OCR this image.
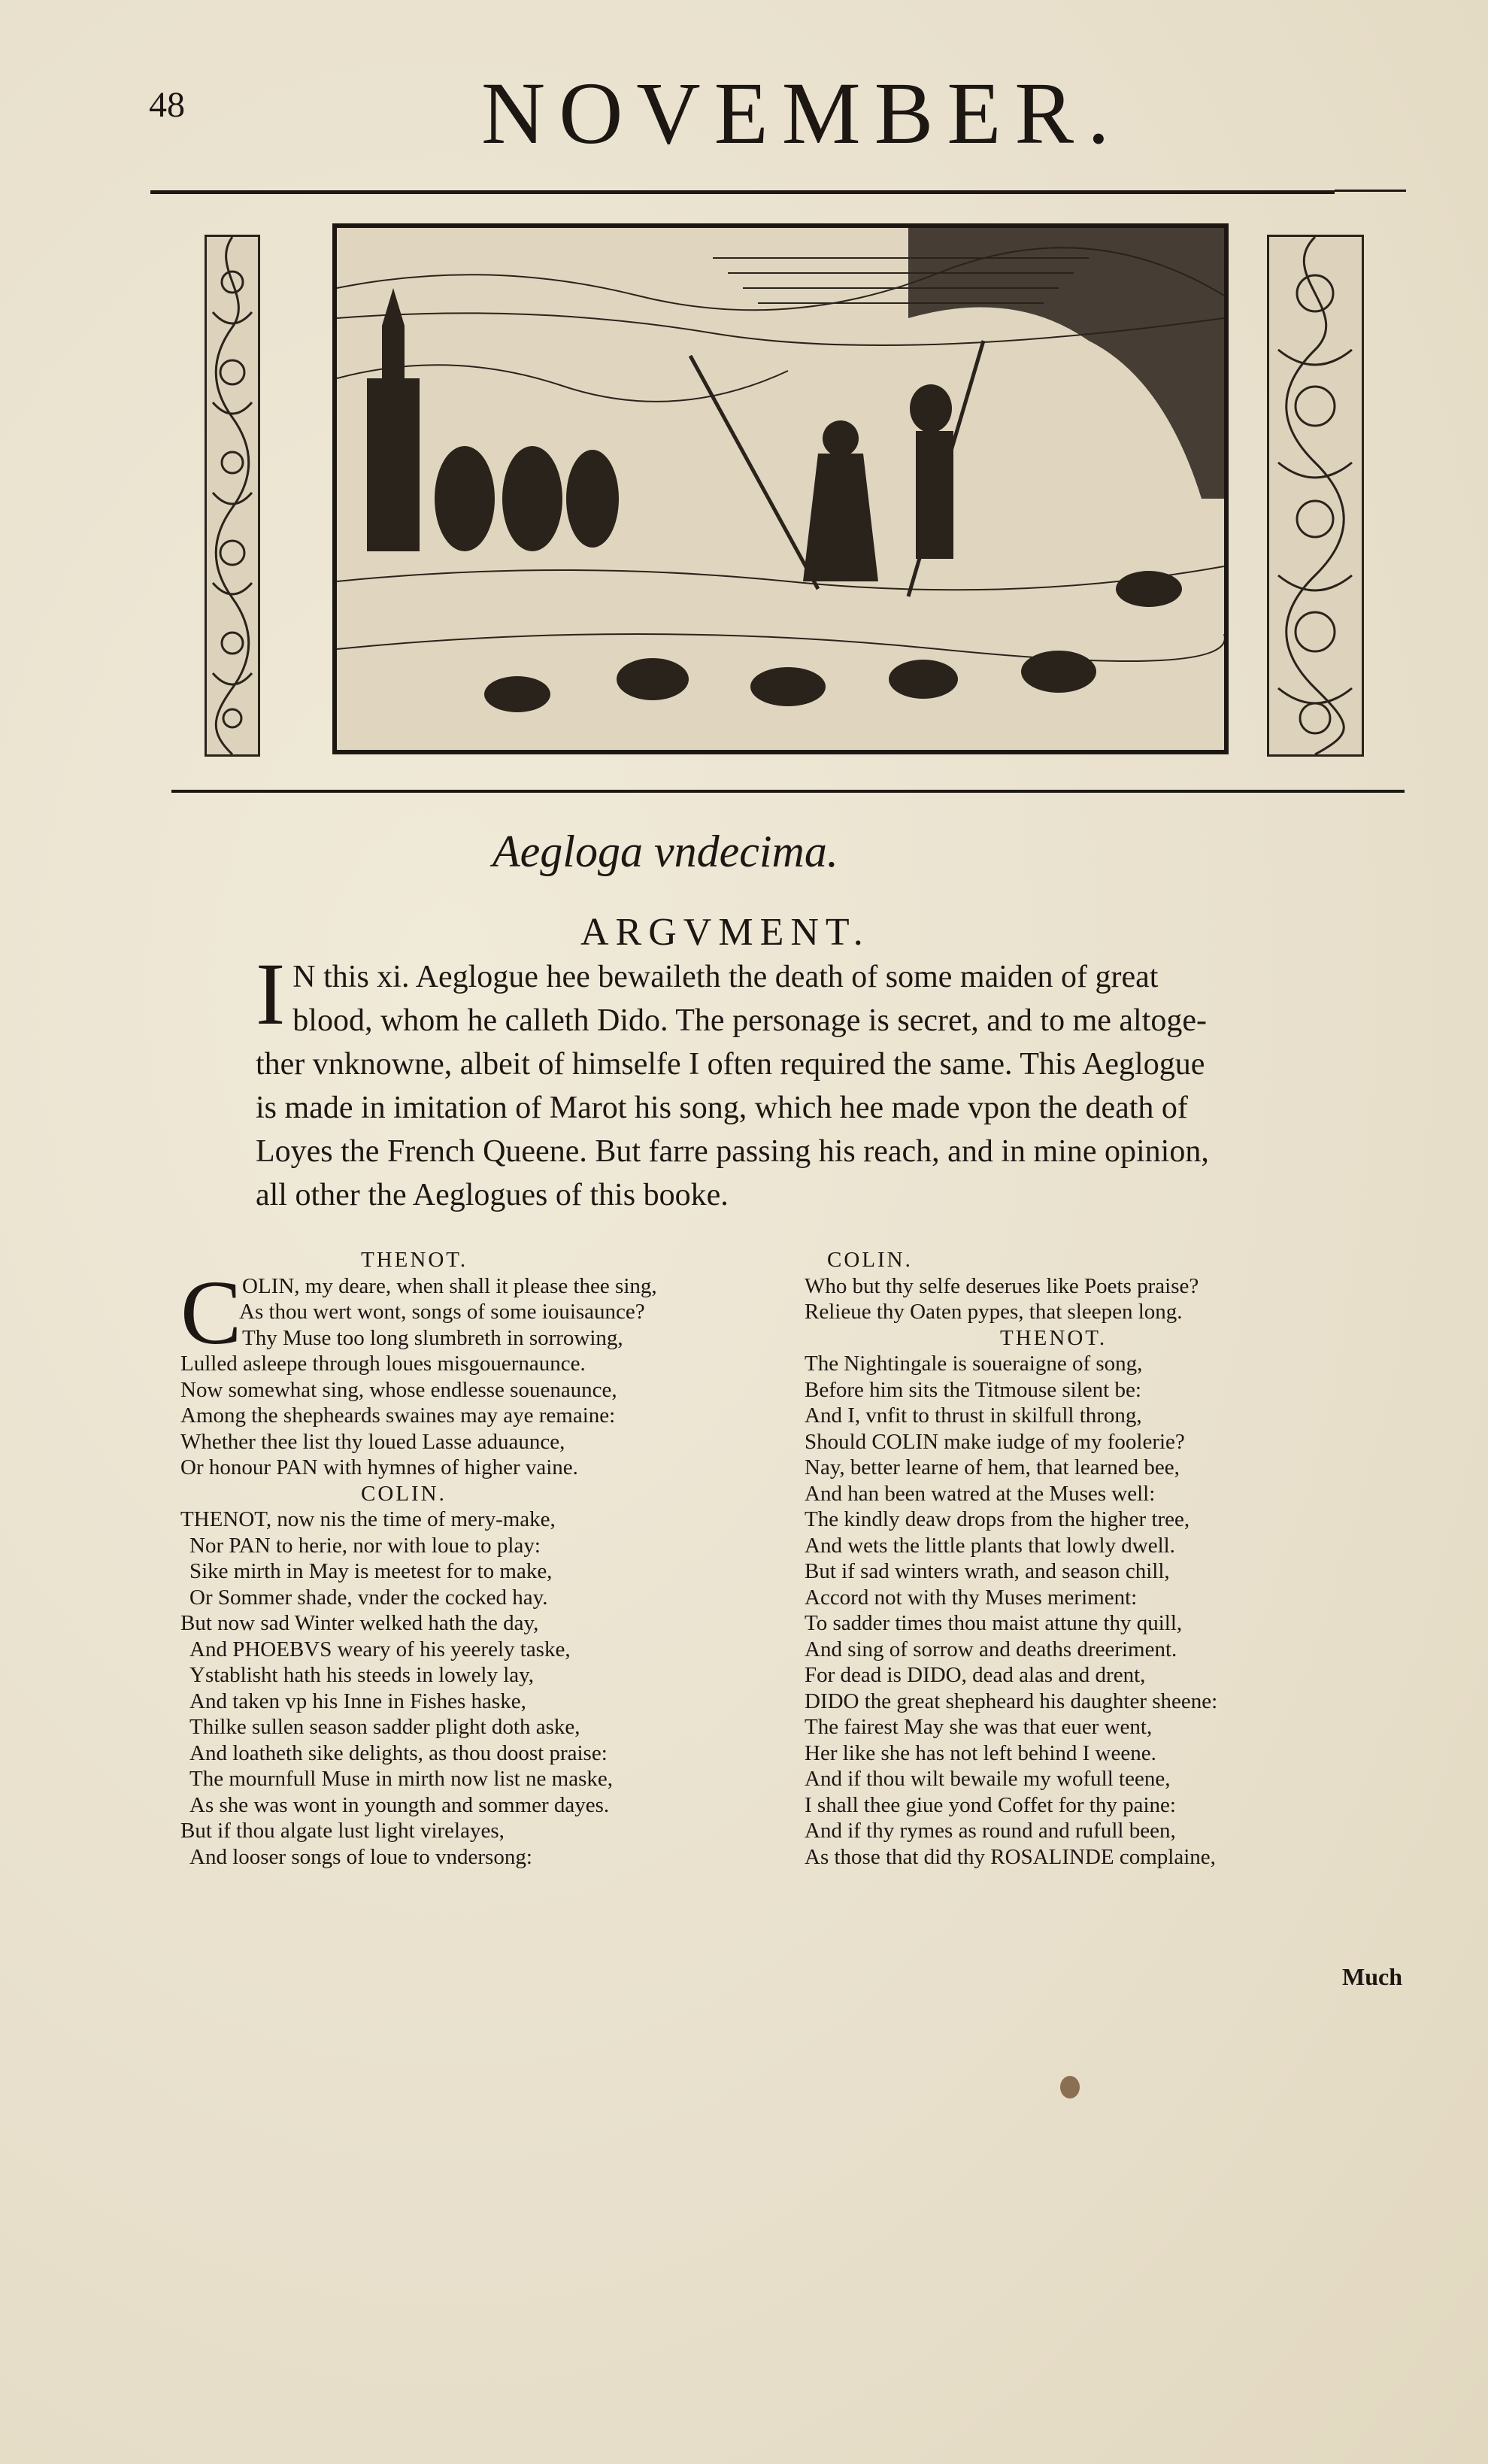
48	NOVEMBER.
Aegloga vndecima.
ARGVMENT.
I N this xi. Aeglogue hee bewaileth the death of some maiden of great
blood, whom he calleth Dido. The personage is secret, and to me altoge-
ther vnknowne, albeit of himselfe I often required the same. This Aeglogue
is made in imitation of Marot his song, which hee made vpon the death of
Loyes the French Queene. But farre passing his reach, and in mine opinion,
all other the Aeglogues of this booke.
THENOT.
C OLIN, my deare, when shall it please thee sing,
As thou wert wont, songs of some iouisaunce?
Thy Muse too long slumbreth in sorrowing,
Lulled asleepe through loues misgouernaunce.
Now somewhat sing, whose endlesse souenaunce,
Among the shepheards swaines may aye remaine:
Whether thee list thy loued Lasse aduaunce,
Or honour PAN with hymnes of higher vaine.
COLIN.
THENOT, now nis the time of mery-make,
Nor PAN to herie, nor with loue to play:
Sike mirth in May is meetest for to make,
Or Sommer shade, vnder the cocked hay.
But now sad Winter welked hath the day,
And PHOEBVS weary of his yeerely taske,
Ystablisht hath his steeds in lowely lay,
And taken vp his Inne in Fishes haske,
Thilke sullen season sadder plight doth aske,
And loatheth sike delights, as thou doost praise:
The mournfull Muse in mirth now list ne maske,
As she was wont in youngth and sommer dayes.
But if thou algate lust light virelayes,
And looser songs of loue to vndersong:
COLIN.
Who but thy selfe deserues like Poets praise?
Relieue thy Oaten pypes, that sleepen long.
THENOT.
The Nightingale is soueraigne of song,
Before him sits the Titmouse silent be:
And I, vnfit to thrust in skilfull throng,
Should COLIN make iudge of my foolerie?
Nay, better learne of hem, that learned bee,
And han been watred at the Muses well:
The kindly deaw drops from the higher tree,
And wets the little plants that lowly dwell.
But if sad winters wrath, and season chill,
Accord not with thy Muses meriment:
To sadder times thou maist attune thy quill,
And sing of sorrow and deaths dreeriment.
For dead is DIDO, dead alas and drent,
DIDO the great shepheard his daughter sheene:
The fairest May she was that euer went,
Her like she has not left behind I weene.
And if thou wilt bewaile my wofull teene,
I shall thee giue yond Coffet for thy paine:
And if thy rymes as round and rufull been,
As those that did thy ROSALINDE complaine,
Much
